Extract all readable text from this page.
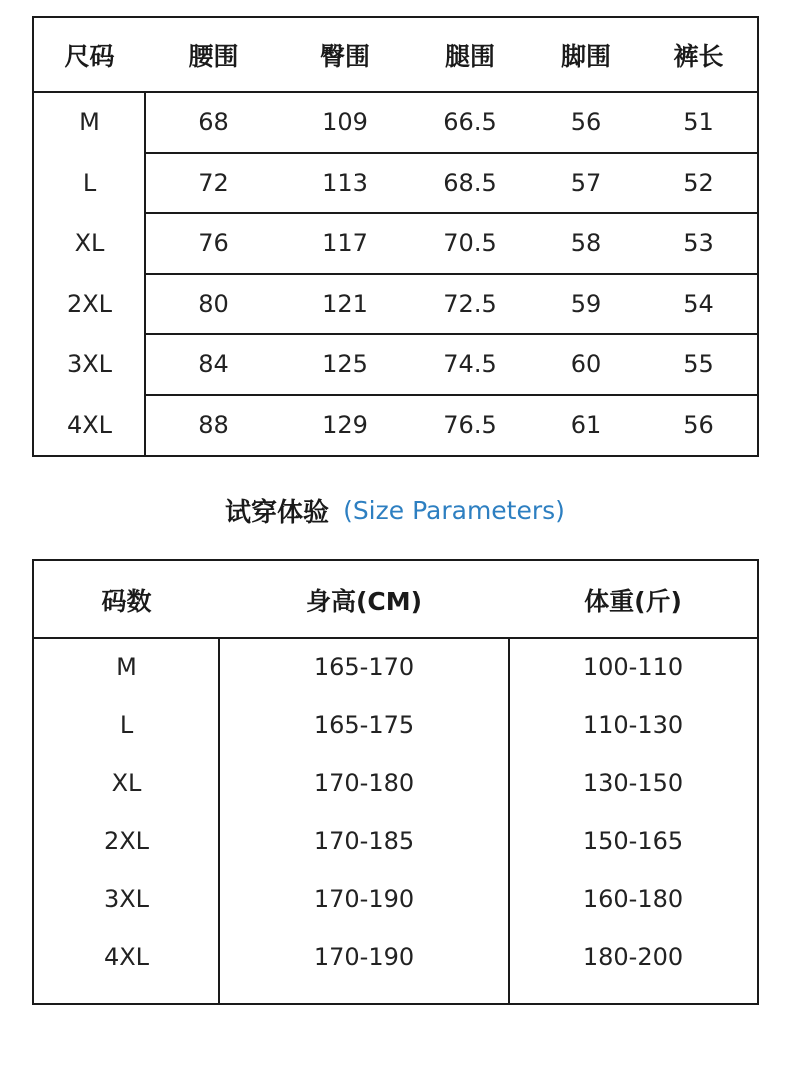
尺码	腰围	臀围	腿围	脚围	裤长
M	68	109	66.5	56	51
L	72	113	68.5	57	52
XL	76	117	70.5	58	53
2XL	80	121	72.5	59	54
3XL	84	125	74.5	60	55
4XL	88	129	76.5	61	56
试穿体验 (Size Parameters)
码数	身高(CM)	体重(斤)
M	165-170	100-110
L	165-175	110-130
XL	170-180	130-150
2XL	170-185	150-165
3XL	170-190	160-180
4XL	170-190	180-200
